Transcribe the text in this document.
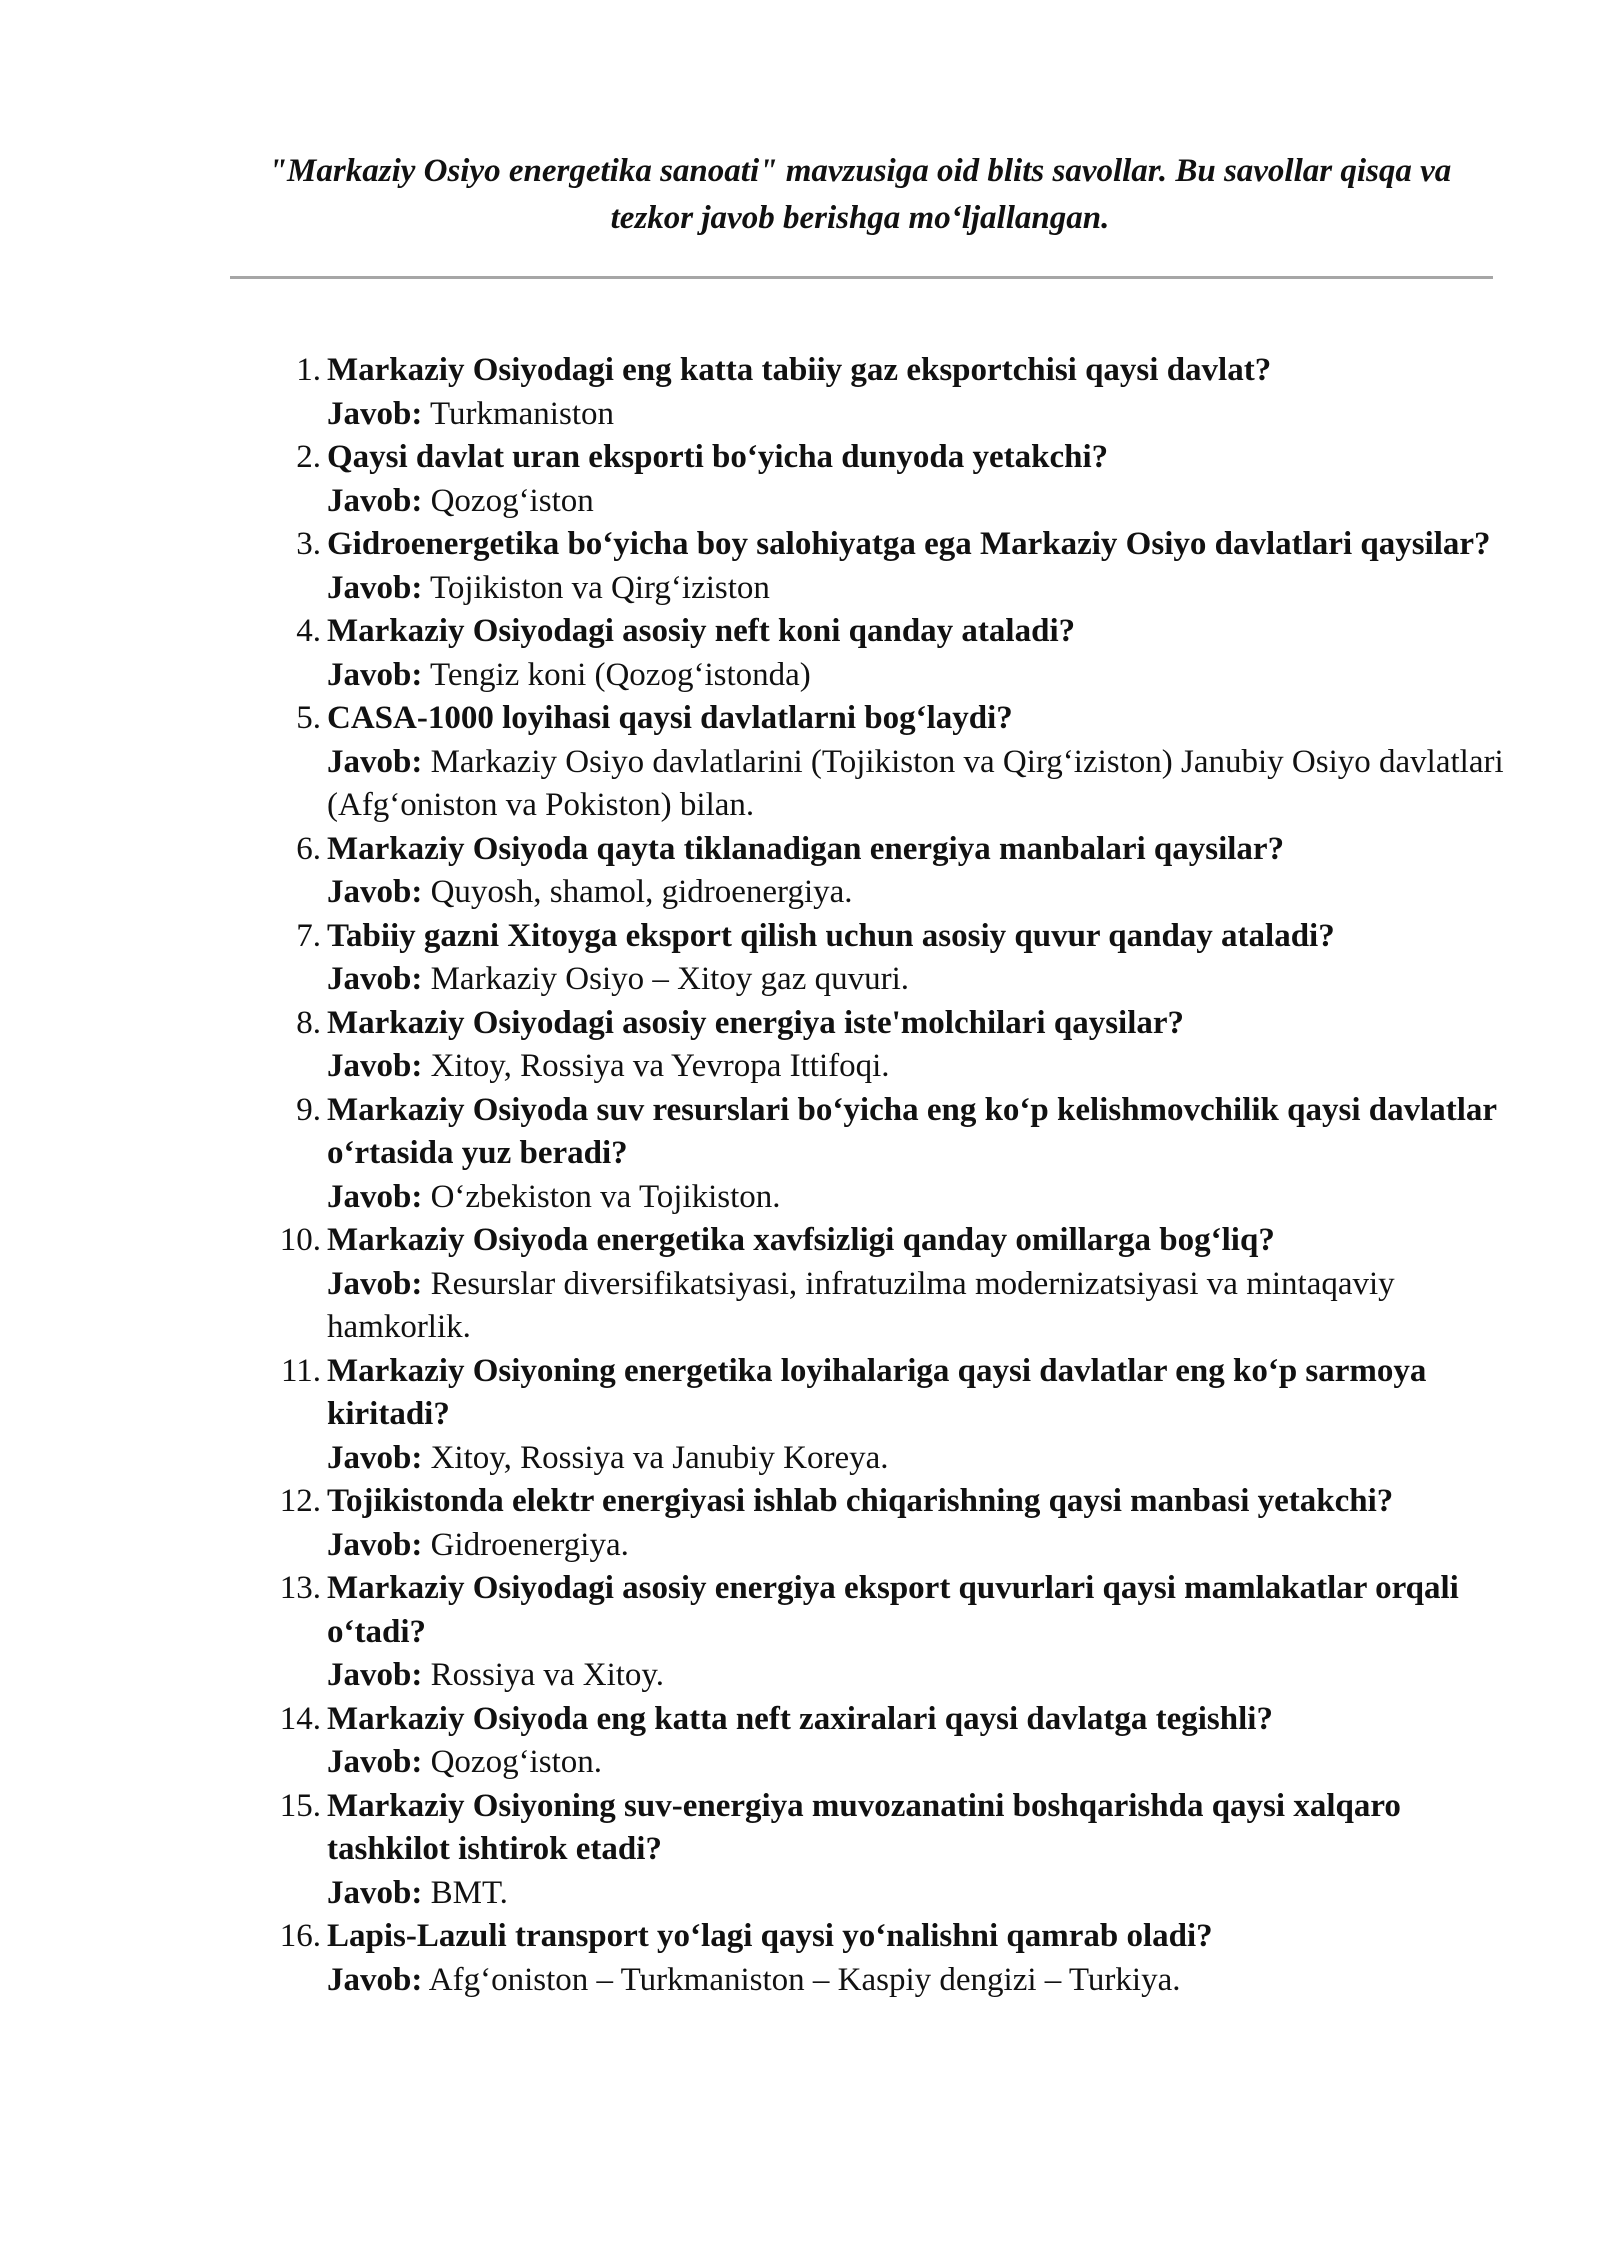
"Markaziy Osiyo energetika sanoati" mavzusiga oid blits savollar. Bu savollar qisqa va tezkor javob berishga mo‘ljallangan.
1. Markaziy Osiyodagi eng katta tabiiy gaz eksportchisi qaysi davlat?
Javob: Turkmaniston
2. Qaysi davlat uran eksporti bo‘yicha dunyoda yetakchi?
Javob: Qozog‘iston
3. Gidroenergetika bo‘yicha boy salohiyatga ega Markaziy Osiyo davlatlari qaysilar?
Javob: Tojikiston va Qirg‘iziston
4. Markaziy Osiyodagi asosiy neft koni qanday ataladi?
Javob: Tengiz koni (Qozog‘istonda)
5. CASA-1000 loyihasi qaysi davlatlarni bog‘laydi?
Javob: Markaziy Osiyo davlatlarini (Tojikiston va Qirg‘iziston) Janubiy Osiyo davlatlari (Afg‘oniston va Pokiston) bilan.
6. Markaziy Osiyoda qayta tiklanadigan energiya manbalari qaysilar?
Javob: Quyosh, shamol, gidroenergiya.
7. Tabiiy gazni Xitoyga eksport qilish uchun asosiy quvur qanday ataladi?
Javob: Markaziy Osiyo – Xitoy gaz quvuri.
8. Markaziy Osiyodagi asosiy energiya iste'molchilari qaysilar?
Javob: Xitoy, Rossiya va Yevropa Ittifoqi.
9. Markaziy Osiyoda suv resurslari bo‘yicha eng ko‘p kelishmovchilik qaysi davlatlar o‘rtasida yuz beradi?
Javob: O‘zbekiston va Tojikiston.
10. Markaziy Osiyoda energetika xavfsizligi qanday omillarga bog‘liq?
Javob: Resurslar diversifikatsiyasi, infratuzilma modernizatsiyasi va mintaqaviy hamkorlik.
11. Markaziy Osiyoning energetika loyihalariga qaysi davlatlar eng ko‘p sarmoya kiritadi?
Javob: Xitoy, Rossiya va Janubiy Koreya.
12. Tojikistonda elektr energiyasi ishlab chiqarishning qaysi manbasi yetakchi?
Javob: Gidroenergiya.
13. Markaziy Osiyodagi asosiy energiya eksport quvurlari qaysi mamlakatlar orqali o‘tadi?
Javob: Rossiya va Xitoy.
14. Markaziy Osiyoda eng katta neft zaxiralari qaysi davlatga tegishli?
Javob: Qozog‘iston.
15. Markaziy Osiyoning suv-energiya muvozanatini boshqarishda qaysi xalqaro tashkilot ishtirok etadi?
Javob: BMT.
16. Lapis-Lazuli transport yo‘lagi qaysi yo‘nalishni qamrab oladi?
Javob: Afg‘oniston – Turkmaniston – Kaspiy dengizi – Turkiya.
